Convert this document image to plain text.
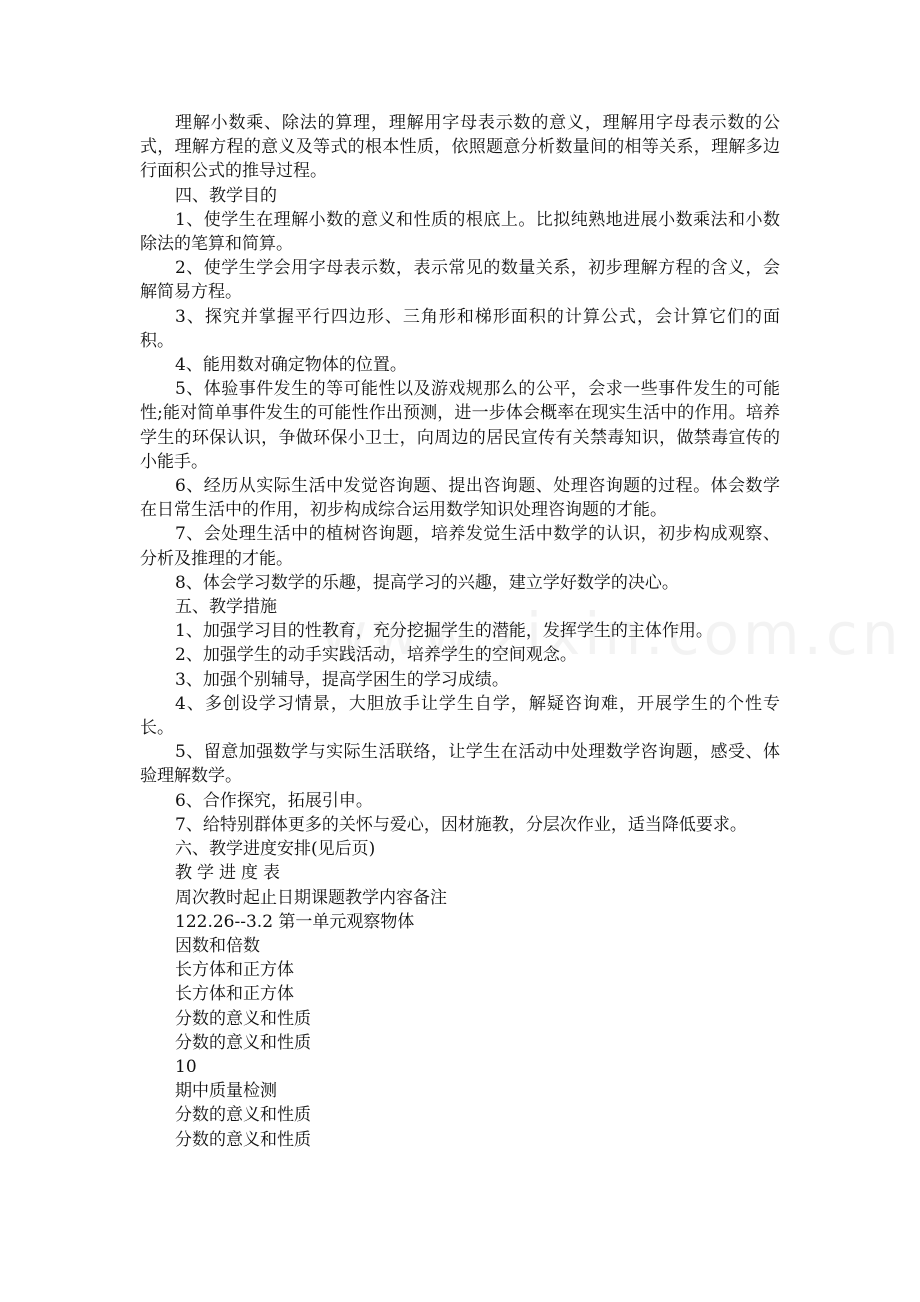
理解小数乘、除法的算理，理解用字母表示数的意义，理解用字母表示数的公式，理解方程的意义及等式的根本性质，依照题意分析数量间的相等关系，理解多边行面积公式的推导过程。

四、教学目的

1、使学生在理解小数的意义和性质的根底上。比拟纯熟地进展小数乘法和小数除法的笔算和简算。

2、使学生学会用字母表示数，表示常见的数量关系，初步理解方程的含义，会解简易方程。

3、探究并掌握平行四边形、三角形和梯形面积的计算公式，会计算它们的面积。

4、能用数对确定物体的位置。

5、体验事件发生的等可能性以及游戏规那么的公平，会求一些事件发生的可能性;能对简单事件发生的可能性作出预测，进一步体会概率在现实生活中的作用。培养学生的环保认识，争做环保小卫士，向周边的居民宣传有关禁毒知识，做禁毒宣传的小能手。

6、经历从实际生活中发觉咨询题、提出咨询题、处理咨询题的过程。体会数学在日常生活中的作用，初步构成综合运用数学知识处理咨询题的才能。

7、会处理生活中的植树咨询题，培养发觉生活中数学的认识，初步构成观察、分析及推理的才能。

8、体会学习数学的乐趣，提高学习的兴趣，建立学好数学的决心。

五、教学措施

1、加强学习目的性教育，充分挖掘学生的潜能，发挥学生的主体作用。

2、加强学生的动手实践活动，培养学生的空间观念。

3、加强个别辅导，提高学困生的学习成绩。

4、多创设学习情景，大胆放手让学生自学，解疑咨询难，开展学生的个性专长。

5、留意加强数学与实际生活联络，让学生在活动中处理数学咨询题，感受、体验理解数学。

6、合作探究，拓展引申。

7、给特别群体更多的关怀与爱心，因材施教，分层次作业，适当降低要求。

六、教学进度安排(见后页)

教学进度表

周次教时起止日期课题教学内容备注

122.26--3.2 第一单元观察物体

因数和倍数

长方体和正方体

长方体和正方体

分数的意义和性质

分数的意义和性质

10

期中质量检测

分数的意义和性质

分数的意义和性质
